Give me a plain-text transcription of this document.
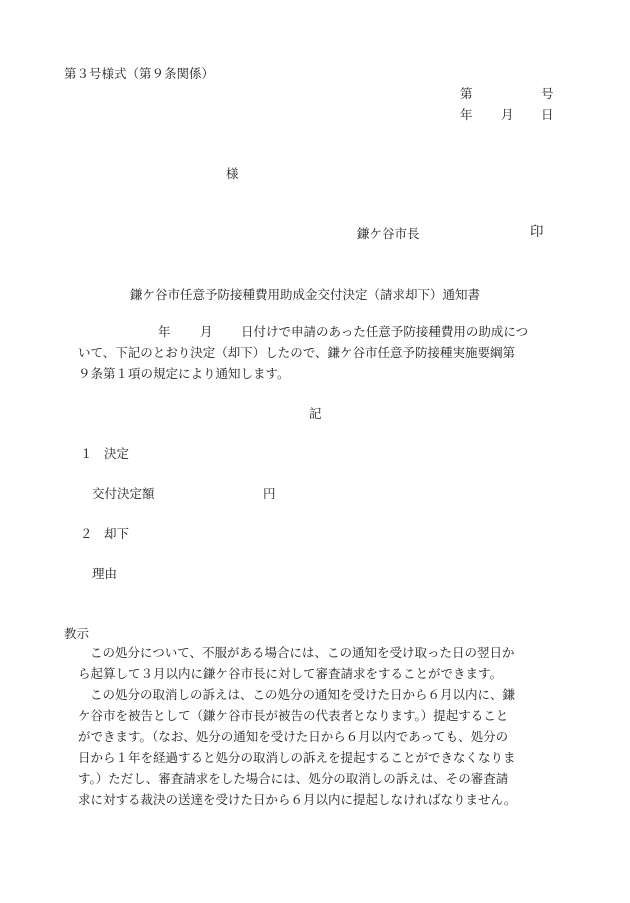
第３号様式（第９条関係）
第	号
年 月 日
様
鎌ケ谷市長	印
鎌ケ谷市任意予防接種費用助成金交付決定（請求却下）通知書
年 月 日付けで申請のあった任意予防接種費用の助成につ
いて、下記のとおり決定（却下）したので、鎌ケ谷市任意予防接種実施要綱第
９条第１項の規定により通知します。
記
１ 決定
交付決定額	円
２ 却下
理由
教示
この処分について、不服がある場合には、この通知を受け取った日の翌日か
ら起算して３月以内に鎌ケ谷市長に対して審査請求をすることができます。
この処分の取消しの訴えは、この処分の通知を受けた日から６月以内に、鎌
ケ谷市を被告として（鎌ケ谷市長が被告の代表者となります。）提起すること
ができます。（なお、処分の通知を受けた日から６月以内であっても、処分の
日から１年を経過すると処分の取消しの訴えを提起することができなくなりま
す。）ただし、審査請求をした場合には、処分の取消しの訴えは、その審査請
求に対する裁決の送達を受けた日から６月以内に提起しなければなりません。
